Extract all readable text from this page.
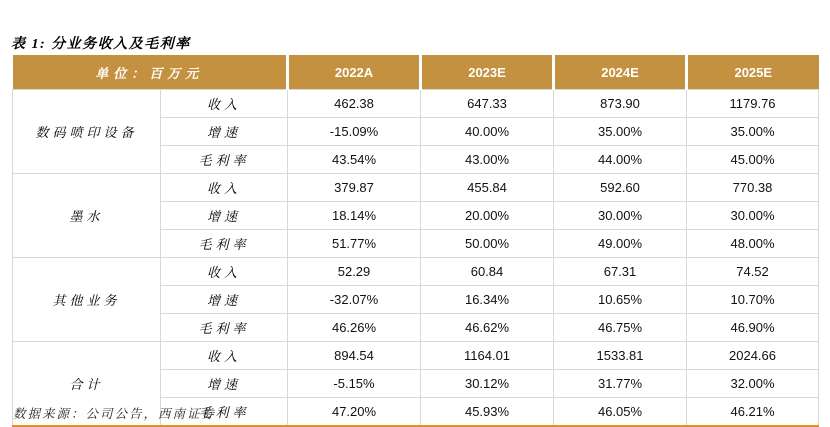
表 1: 分业务收入及毛利率
单位：百万元		2022A	2023E	2024E	2025E
数码喷印设备	收入	462.38	647.33	873.90	1179.76
	增速	-15.09%	40.00%	35.00%	35.00%
	毛利率	43.54%	43.00%	44.00%	45.00%
墨水	收入	379.87	455.84	592.60	770.38
	增速	18.14%	20.00%	30.00%	30.00%
	毛利率	51.77%	50.00%	49.00%	48.00%
其他业务	收入	52.29	60.84	67.31	74.52
	增速	-32.07%	16.34%	10.65%	10.70%
	毛利率	46.26%	46.62%	46.75%	46.90%
合计	收入	894.54	1164.01	1533.81	2024.66
	增速	-5.15%	30.12%	31.77%	32.00%
	毛利率	47.20%	45.93%	46.05%	46.21%
数据来源：公司公告，西南证券
